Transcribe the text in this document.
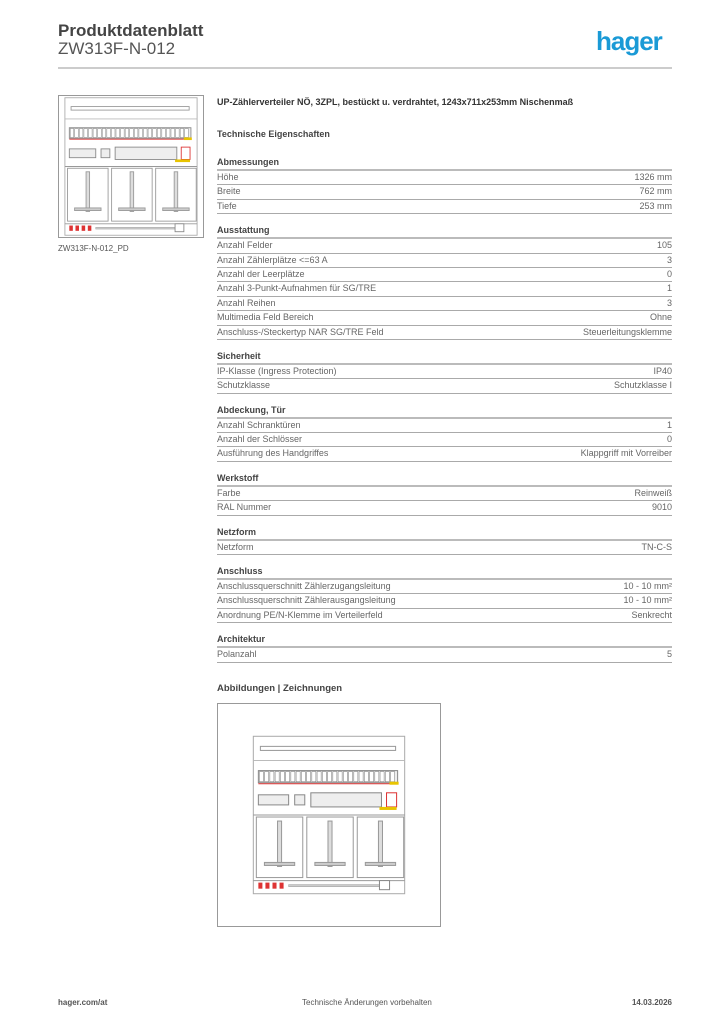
Produktdatenblatt
ZW313F-N-012	hager
ZW313F-N-012_PD
UP-Zählerverteiler NÖ, 3ZPL, bestückt u. verdrahtet, 1243x711x253mm Nischenmaß
Technische Eigenschaften
Abmessungen
Höhe	1326 mm
Breite	762 mm
Tiefe	253 mm
Ausstattung
Anzahl Felder	105
Anzahl Zählerplätze <=63 A	3
Anzahl der Leerplätze	0
Anzahl 3-Punkt-Aufnahmen für SG/TRE	1
Anzahl Reihen	3
Multimedia Feld Bereich	Ohne
Anschluss-/Steckertyp NAR SG/TRE Feld	Steuerleitungsklemme
Sicherheit
IP-Klasse (Ingress Protection)	IP40
Schutzklasse	Schutzklasse I
Abdeckung, Tür
Anzahl Schranktüren	1
Anzahl der Schlösser	0
Ausführung des Handgriffes	Klappgriff mit Vorreiber
Werkstoff
Farbe	Reinweiß
RAL Nummer	9010
Netzform
Netzform	TN-C-S
Anschluss
Anschlussquerschnitt Zählerzugangsleitung	10 - 10 mm²
Anschlussquerschnitt Zählerausgangsleitung	10 - 10 mm²
Anordnung PE/N-Klemme im Verteilerfeld	Senkrecht
Architektur
Polanzahl	5
Abbildungen | Zeichnungen
hager.com/at	Technische Änderungen vorbehalten	14.03.2026
